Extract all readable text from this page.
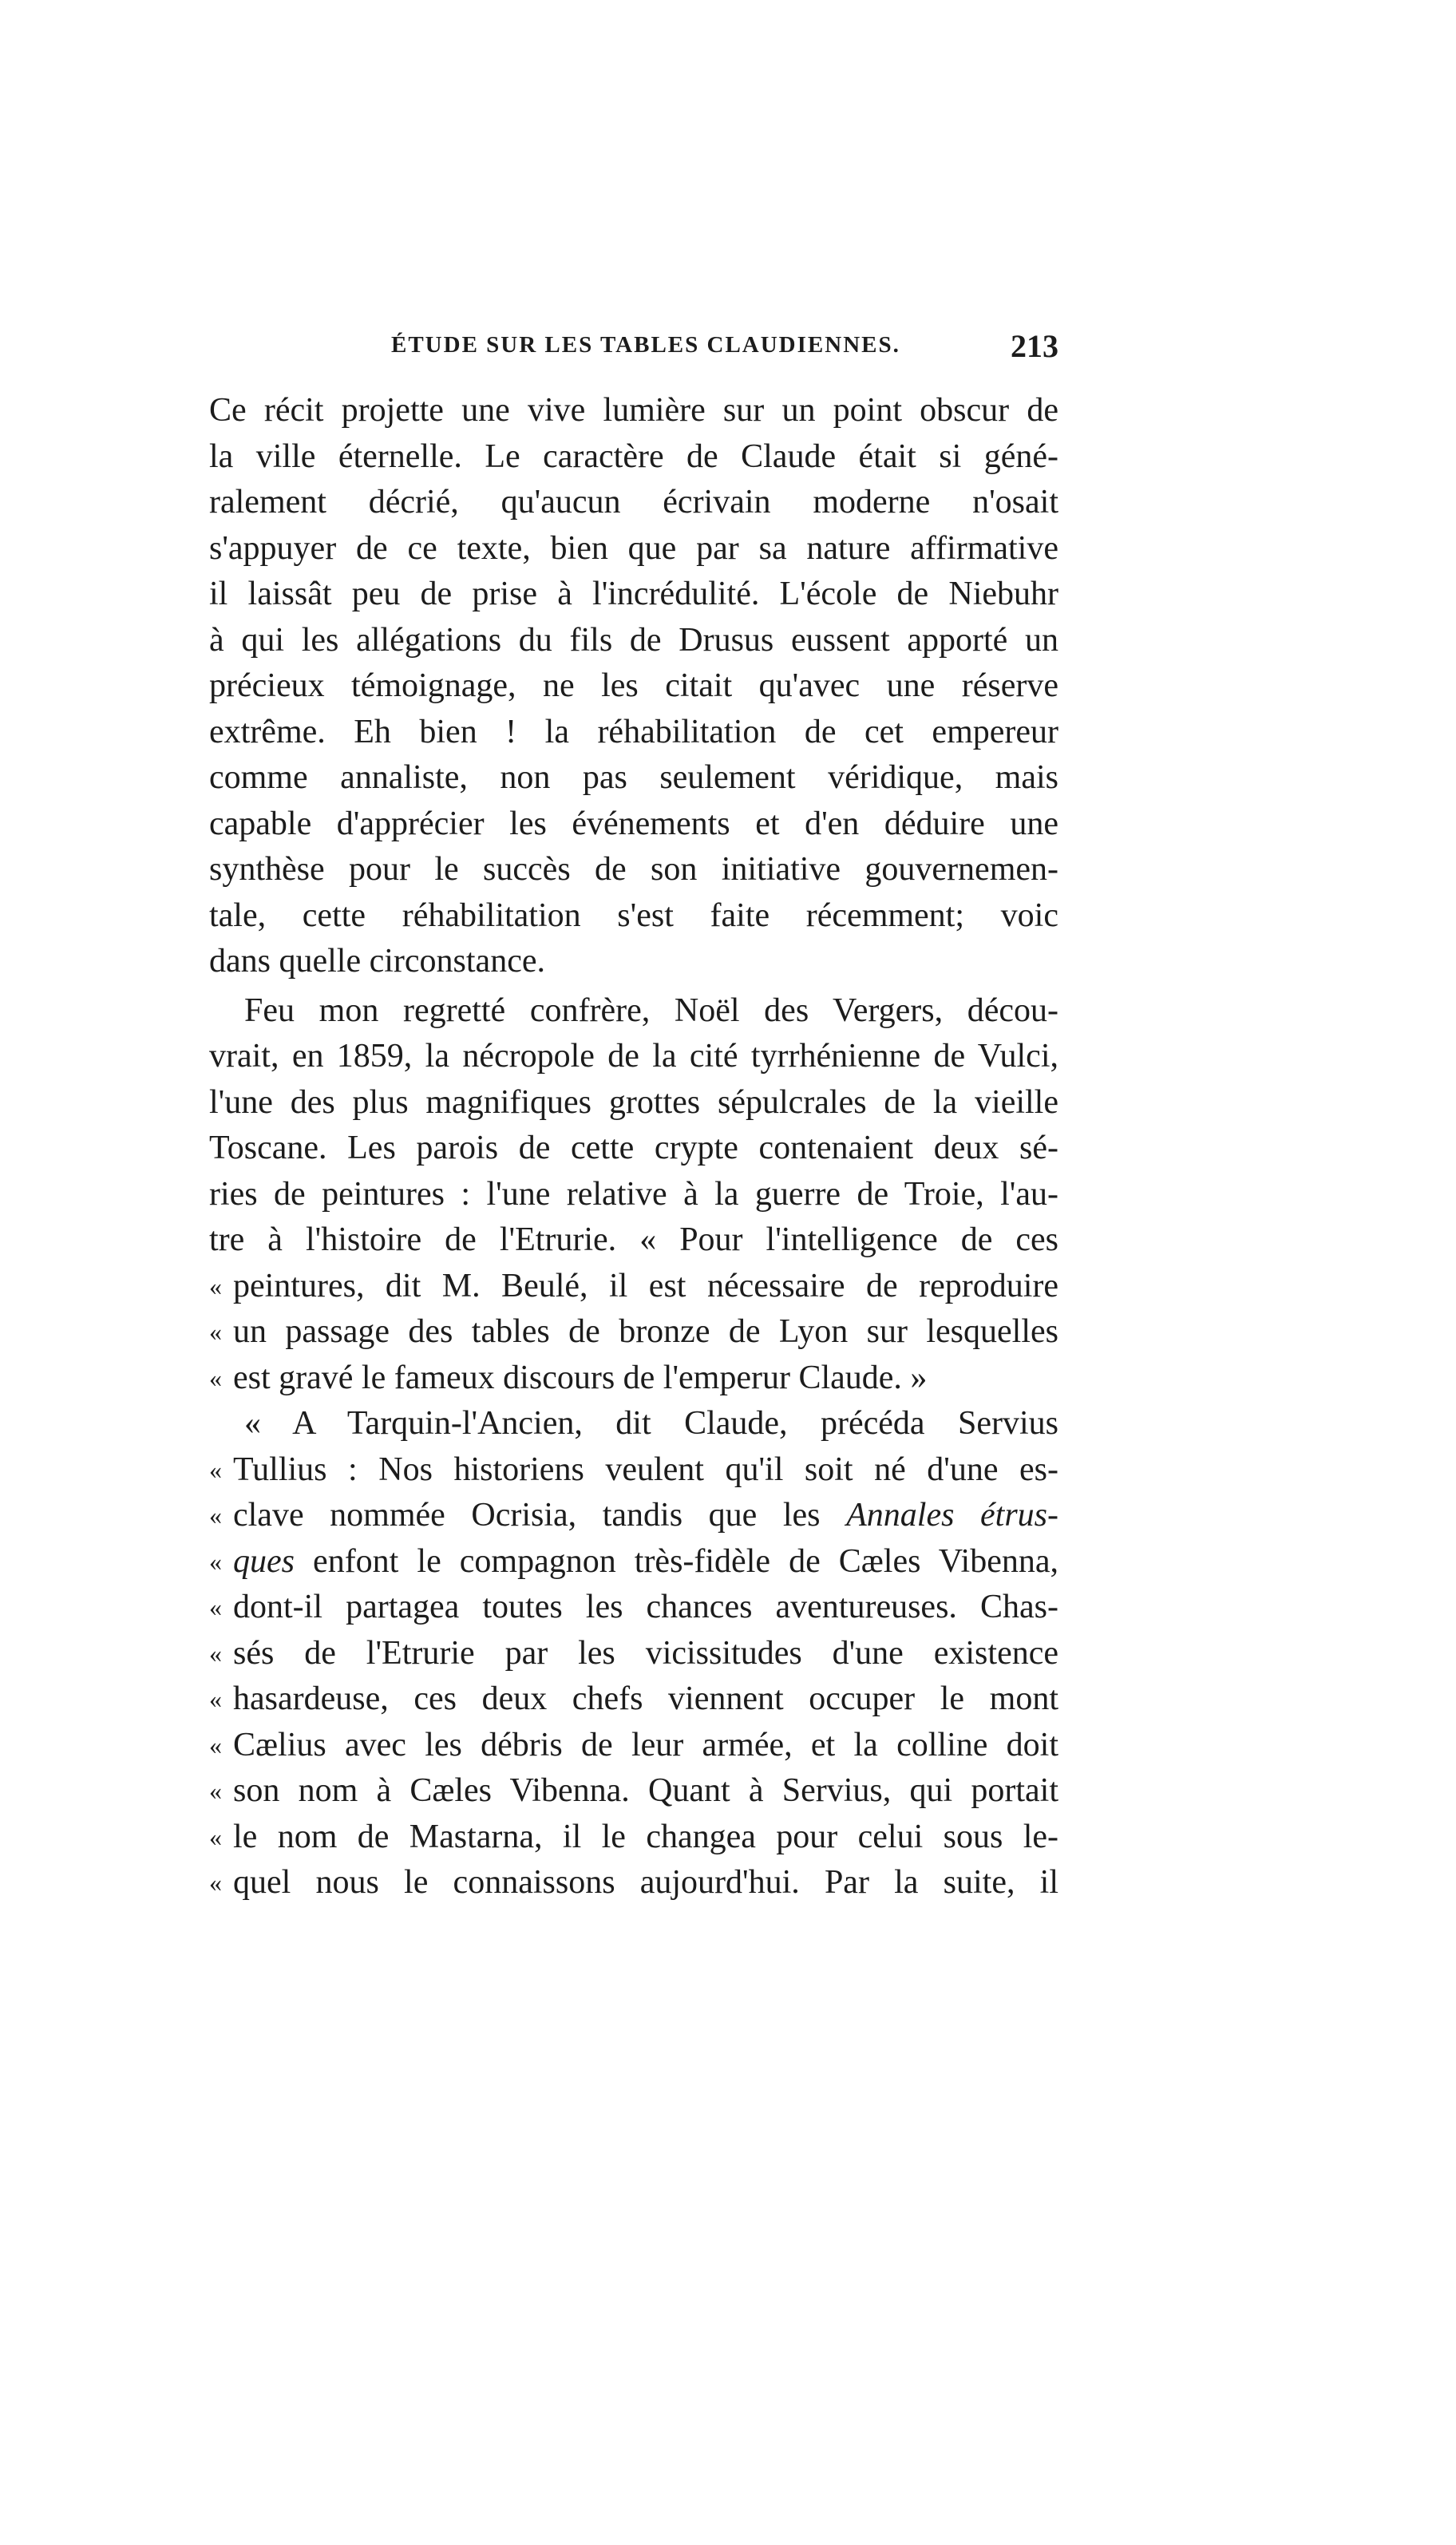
ÉTUDE SUR LES TABLES CLAUDIENNES.	213
Ce récit projette une vive lumière sur un point obscur de
la ville éternelle. Le caractère de Claude était si géné-
ralement décrié, qu'aucun écrivain moderne n'osait
s'appuyer de ce texte, bien que par sa nature affirmative
il laissât peu de prise à l'incrédulité. L'école de Niebuhr
à qui les allégations du fils de Drusus eussent apporté un
précieux témoignage, ne les citait qu'avec une réserve
extrême. Eh bien ! la réhabilitation de cet empereur
comme annaliste, non pas seulement véridique, mais
capable d'apprécier les événements et d'en déduire une
synthèse pour le succès de son initiative gouvernemen-
tale, cette réhabilitation s'est faite récemment; voic
dans quelle circonstance.
Feu mon regretté confrère, Noël des Vergers, décou-
vrait, en 1859, la nécropole de la cité tyrrhénienne de Vulci,
l'une des plus magnifiques grottes sépulcrales de la vieille
Toscane. Les parois de cette crypte contenaient deux sé-
ries de peintures : l'une relative à la guerre de Troie, l'au-
tre à l'histoire de l'Etrurie. « Pour l'intelligence de ces
« peintures, dit M. Beulé, il est nécessaire de reproduire
« un passage des tables de bronze de Lyon sur lesquelles
« est gravé le fameux discours de l'emperur Claude. »
« A Tarquin-l'Ancien, dit Claude, précéda Servius
« Tullius : Nos historiens veulent qu'il soit né d'une es-
« clave nommée Ocrisia, tandis que les Annales étrus-
« ques enfont le compagnon très-fidèle de Cæles Vibenna,
« dont-il partagea toutes les chances aventureuses. Chas-
« sés de l'Etrurie par les vicissitudes d'une existence
« hasardeuse, ces deux chefs viennent occuper le mont
« Cælius avec les débris de leur armée, et la colline doit
« son nom à Cæles Vibenna. Quant à Servius, qui portait
« le nom de Mastarna, il le changea pour celui sous le-
« quel nous le connaissons aujourd'hui. Par la suite, il
